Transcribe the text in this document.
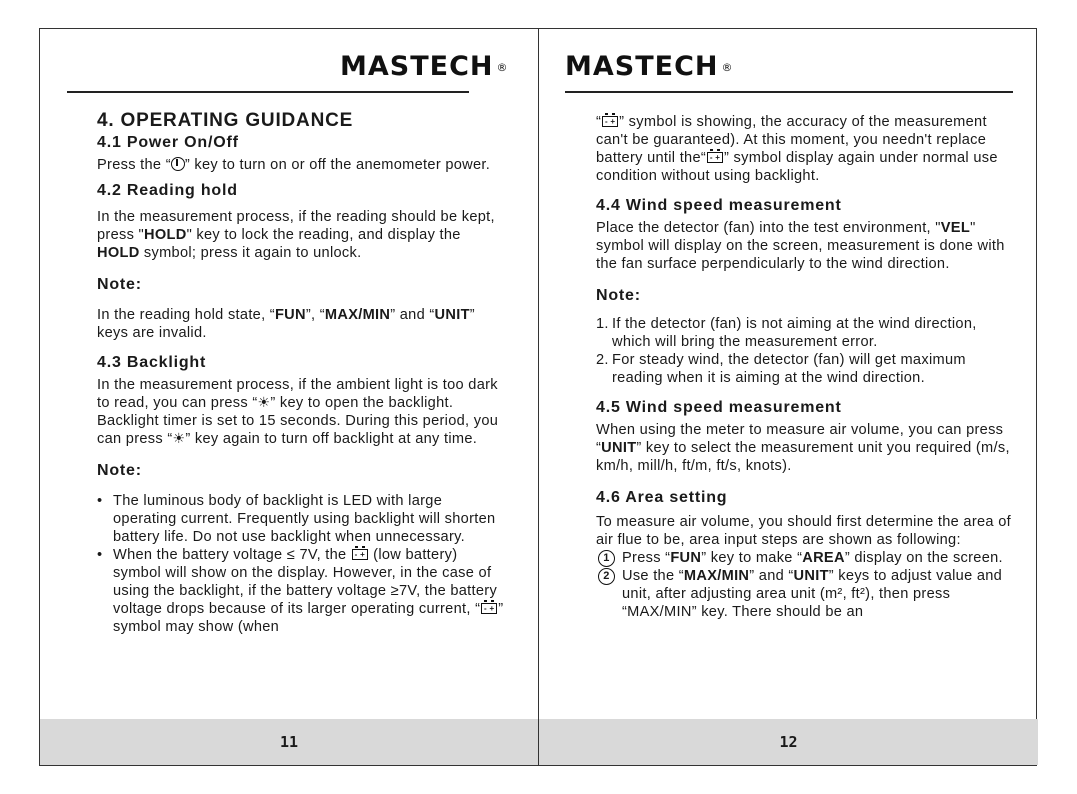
MASTECH ®
4. OPERATING GUIDANCE
4.1 Power On/Off

Press the “ ” key to turn on or off the anemometer power.

4.2 Reading hold

In the measurement process, if the reading should be kept, press "HOLD" key to lock the reading, and display the HOLD symbol; press it again to unlock.

Note:

In the reading hold state, “FUN”, “MAX/MIN” and “UNIT” keys are invalid.

4.3 Backlight

In the measurement process, if the ambient light is too dark to read, you can press “☀” key to open the backlight. Backlight timer is set to 15 seconds. During this period, you can press “☀” key again to turn off backlight at any time.

Note:
• The luminous body of backlight is LED with large operating current. Frequently using backlight will shorten battery life. Do not use backlight when unnecessary.
• When the battery voltage ≤ 7V, the - + (low battery) symbol will show on the display. However, in the case of using the backlight, if the battery voltage ≥7V, the battery voltage drops because of its larger operating current, “ - + ” symbol may show (when
11
MASTECH ®

“ - + ” symbol is showing, the accuracy of the measurement can't be guaranteed). At this moment, you needn't replace battery until the“ - + ” symbol display again under normal use condition without using backlight.

4.4 Wind speed measurement

Place the detector (fan) into the test environment, "VEL" symbol will display on the screen, measurement is done with the fan surface perpendicularly to the wind direction.

Note:
1. If the detector (fan) is not aiming at the wind direction, which will bring the measurement error.
2. For steady wind, the detector (fan) will get maximum reading when it is aiming at the wind direction.
4.5 Wind speed measurement

When using the meter to measure air volume, you can press “UNIT” key to select the measurement unit you required (m/s, km/h, mill/h, ft/m, ft/s, knots).

4.6 Area setting

To measure air volume, you should first determine the area of air flue to be, area input steps are shown as following:

1 Press “FUN” key to make “AREA” display on the screen.
2 Use the “MAX/MIN” and “UNIT” keys to adjust value and unit, after adjusting area unit (m², ft²), then press “MAX/MIN” key. There should be an
12
